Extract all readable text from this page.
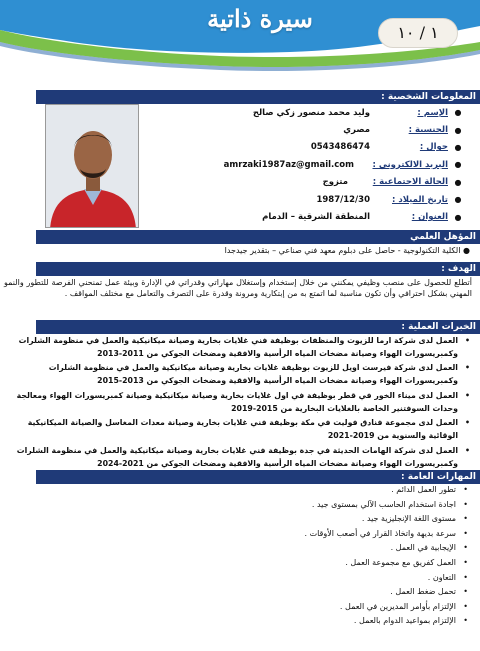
سيرة ذاتية	١ / ١٠
المعلومات الشخصية :
●
الإسم :
وليد محمد منصور زكي صالح
●
الجنسية :
مصري
●
جوال :
0543486474
●
البريد الالكتروني :
amrzaki1987az@gmail.com
●
الحالة الاجتماعية :
متزوج
●
تاريخ الميلاد :
1987/12/30
●
العنوان :
المنطقة الشرقية – الدمام
المؤهل العلمي
● الكلية التكنولوجية - حاصل على دبلوم معهد فني صناعي – بتقدير جيدجدا
الهدف :
أتطلع للحصول على منصب وظيفي يمكنني من خلال إستخدام وإستغلال مهاراتي وقدراتي في الإدارة وبيئة عمل تمنحني الفرصة للتطور والنمو المهني بشكل احترافي وأن تكون مناسبة لما اتمتع به من إبتكارية ومرونة وقدرة على التصرف والتعامل مع مختلف المواقف .
الخبرات العملية :
• العمل لدى شركة ارما للزيوت والمنظفات بوظيفة فني غلايات بخارية وصيانة ميكانيكية والعمل في منظومة الشلرات وكمبريسورات الهواء وصيانة مضخات المياه الرأسية والافقية ومضخات الجوكي من 2011-2013
• العمل لدى شركة فيرست اويل للزيوت بوظيفة غلايات بخارية وصيانة ميكانيكية والعمل في منظومة الشلرات وكمبريسورات الهواء وصيانة مضخات المياه الرأسية والافقية ومضخات الجوكي من 2013-2015
• العمل لدى ميناء الخور في قطر بوظيفة في اول غلايات بخارية وصيانة ميكانيكية وصيانة كمبريسورات الهواء ومعالجة وحدات السوفتنير الخاصة بالغلايات البخارية من 2015-2019
• العمل لدى مجموعة فنادق فوليت في مكة بوظيفة فني غلايات بخارية وصيانة معدات المغاسل والصيانة الميكانيكية الوقائية والسنوية من 2019-2021
• العمل لدى شركة الهامات الحديثة في جدة بوظيفة فني غلايات بخارية وصيانة ميكانيكية والعمل في منظومة الشلرات وكمبريسورات الهواء وصيانة مضخات المياه الرأسية والافقية ومضخات الجوكي من 2021-2024
المهارات العامة :
• تطور العمل الدائم .
• اجادة استخدام الحاسب الآلي بمستوى جيد .
• مستوى اللغة الإنجليزية جيد .
• سرعة بديهة واتخاذ القرار في أصعب الأوقات .
• الإيجابية في العمل .
• العمل كفريق مع مجموعة العمل .
• التعاون .
• تحمل ضغط العمل .
• الإلتزام بأوامر المديرين في العمل .
• الإلتزام بمواعيد الدوام بالعمل .
